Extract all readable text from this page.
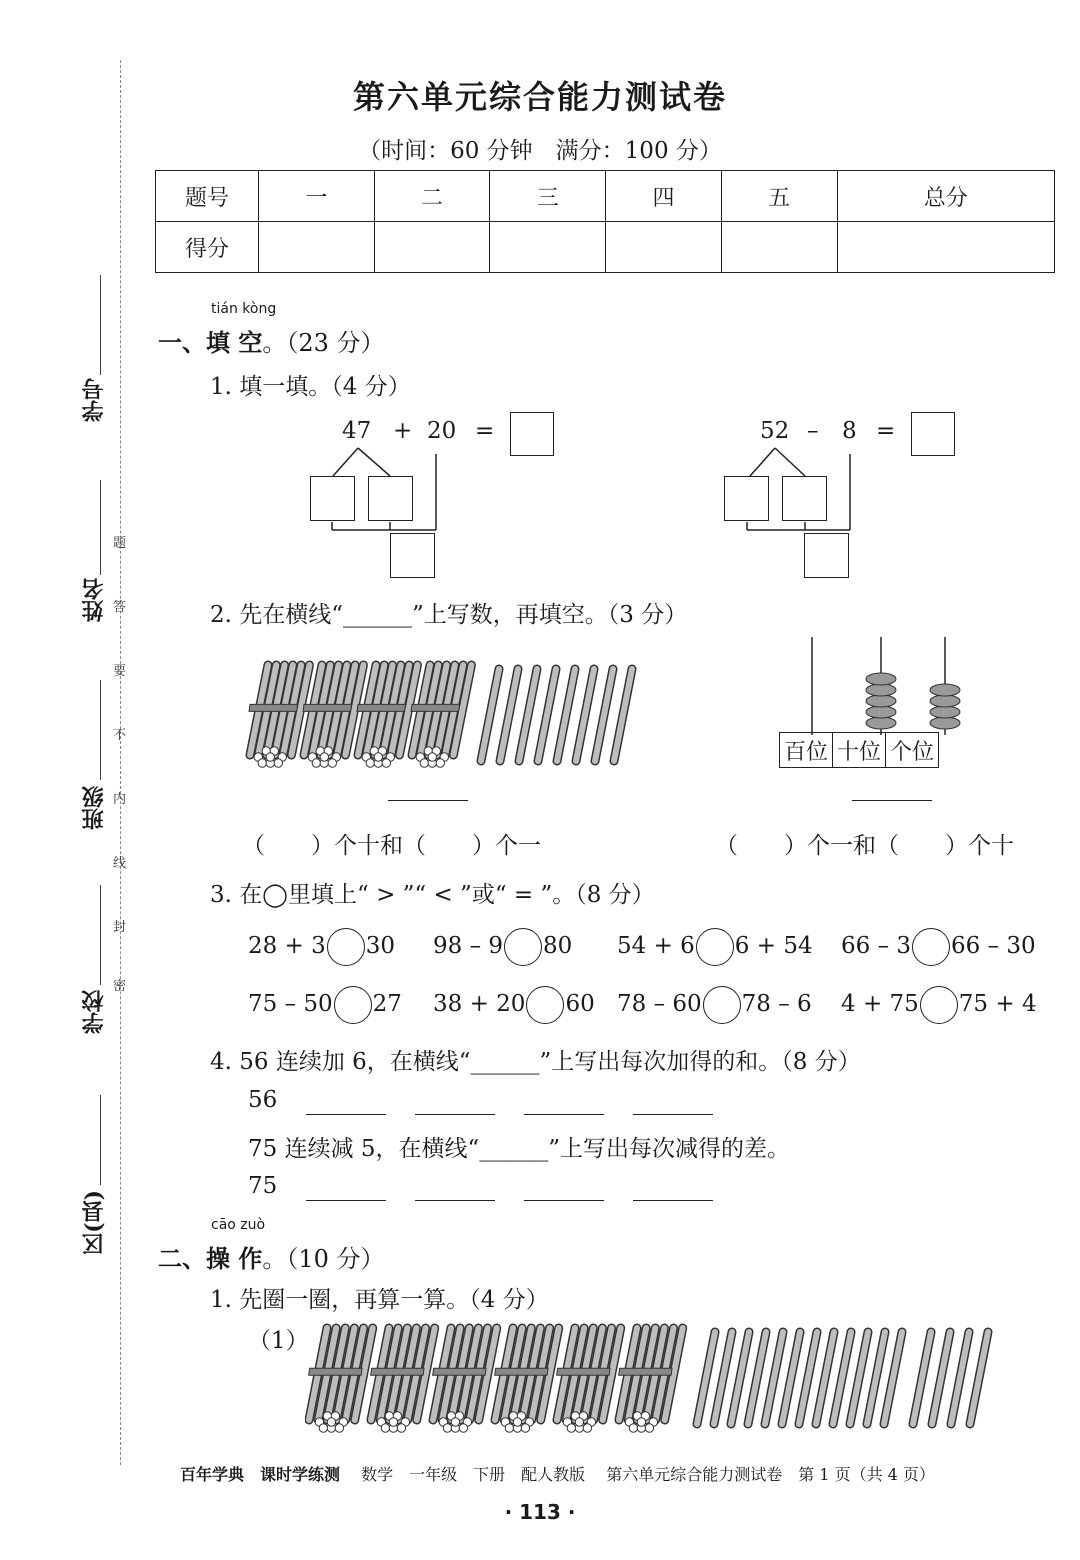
学号
姓名
班级
学校
区(县)
题
答
要
不
内
线
封
密
第六单元综合能力测试卷
（时间：60 分钟　满分：100 分）
题号	一	二	三	四	五	总分
得分						
tián kòng
一、填 空。（23 分）
1. 填一填。（4 分）
47 + 20 =	52 – 8 =
2. 先在横线“______”上写数，再填空。（3 分）
百位	十位	个位
（　　）个十和（　　）个一	（　　）个一和（　　）个十
3. 在◯里填上“ > ”“ < ”或“ = ”。（8 分）
28 + 3 30 98 – 9 80 54 + 6 6 + 54 66 – 3 66 – 30
75 – 50 27 38 + 20 60 78 – 60 78 – 6 4 + 75 75 + 4
4. 56 连续加 6，在横线“______”上写出每次加得的和。（8 分）
56
75 连续减 5，在横线“______”上写出每次减得的差。
75
cāo zuò
二、操 作。（10 分）
1. 先圈一圈，再算一算。（4 分）
（1）
百年学典　课时学练测　 数学　一年级　下册　配人教版　 第六单元综合能力测试卷　第 1 页（共 4 页）
· 113 ·
